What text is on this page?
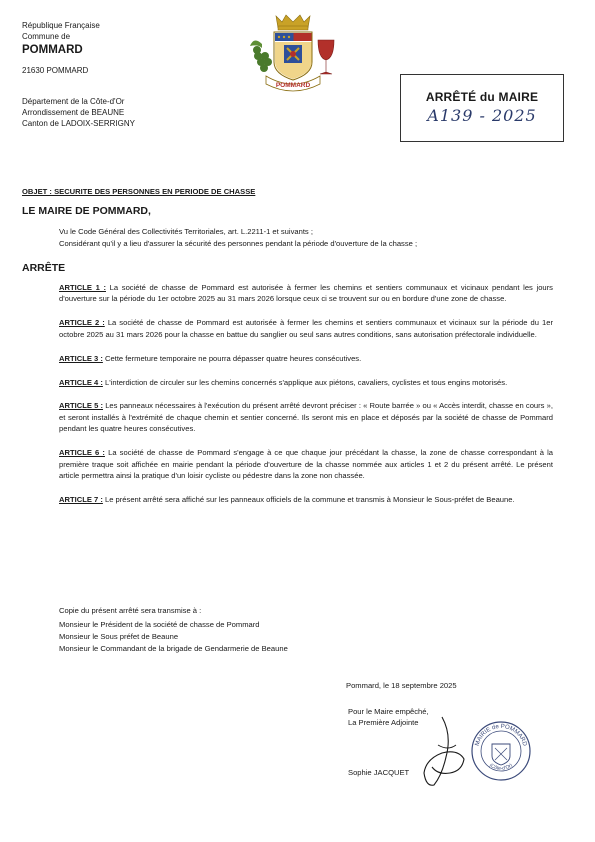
République Française
Commune de
POMMARD
21630 POMMARD
Département de la Côte-d'Or
Arrondissement de BEAUNE
Canton de LADOIX-SERRIGNY
POMMARD
ARRÊTÉ du MAIRE
A139 - 2025
OBJET : SECURITE DES PERSONNES EN PERIODE DE CHASSE
LE MAIRE DE POMMARD,
Vu le Code Général des Collectivités Territoriales, art. L.2211-1 et suivants ;
Considérant qu'il y a lieu d'assurer la sécurité des personnes pendant la période d'ouverture de la chasse ;
ARRÊTE

ARTICLE 1 : La société de chasse de Pommard est autorisée à fermer les chemins et sentiers communaux et vicinaux pendant les jours d'ouverture sur la période du 1er octobre 2025 au 31 mars 2026 lorsque ceux ci se trouvent sur ou en bordure d'une zone de chasse.

ARTICLE 2 : La société de chasse de Pommard est autorisée à fermer les chemins et sentiers communaux et vicinaux sur la période du 1er octobre 2025 au 31 mars 2026 pour la chasse en battue du sanglier ou seul sans autres conditions, sans autorisation préfectorale individuelle.

ARTICLE 3 : Cette fermeture temporaire ne pourra dépasser quatre heures consécutives.

ARTICLE 4 : L'interdiction de circuler sur les chemins concernés s'applique aux piétons, cavaliers, cyclistes et tous engins motorisés.

ARTICLE 5 : Les panneaux nécessaires à l'exécution du présent arrêté devront préciser : « Route barrée » ou « Accès interdit, chasse en cours », et seront installés à l'extrémité de chaque chemin et sentier concerné. Ils seront mis en place et déposés par la société de chasse de Pommard pendant les quatre heures consécutives.

ARTICLE 6 : La société de chasse de Pommard s'engage à ce que chaque jour précédant la chasse, la zone de chasse correspondant à la première traque soit affichée en mairie pendant la période d'ouverture de la chasse nommée aux articles 1 et 2 du présent arrêté. Le présent article permettra ainsi la pratique d'un loisir cycliste ou pédestre dans la zone non chassée.

ARTICLE 7 : Le présent arrêté sera affiché sur les panneaux officiels de la commune et transmis à Monsieur le Sous-préfet de Beaune.

Copie du présent arrêté sera transmise à :
Monsieur le Président de la société de chasse de Pommard
Monsieur le Sous préfet de Beaune
Monsieur le Commandant de la brigade de Gendarmerie de Beaune
Pommard, le 18 septembre 2025
Pour le Maire empêché,
La Première Adjointe
MAIRIE de POMMARD
(Côte-d'Or)
Sophie JACQUET
